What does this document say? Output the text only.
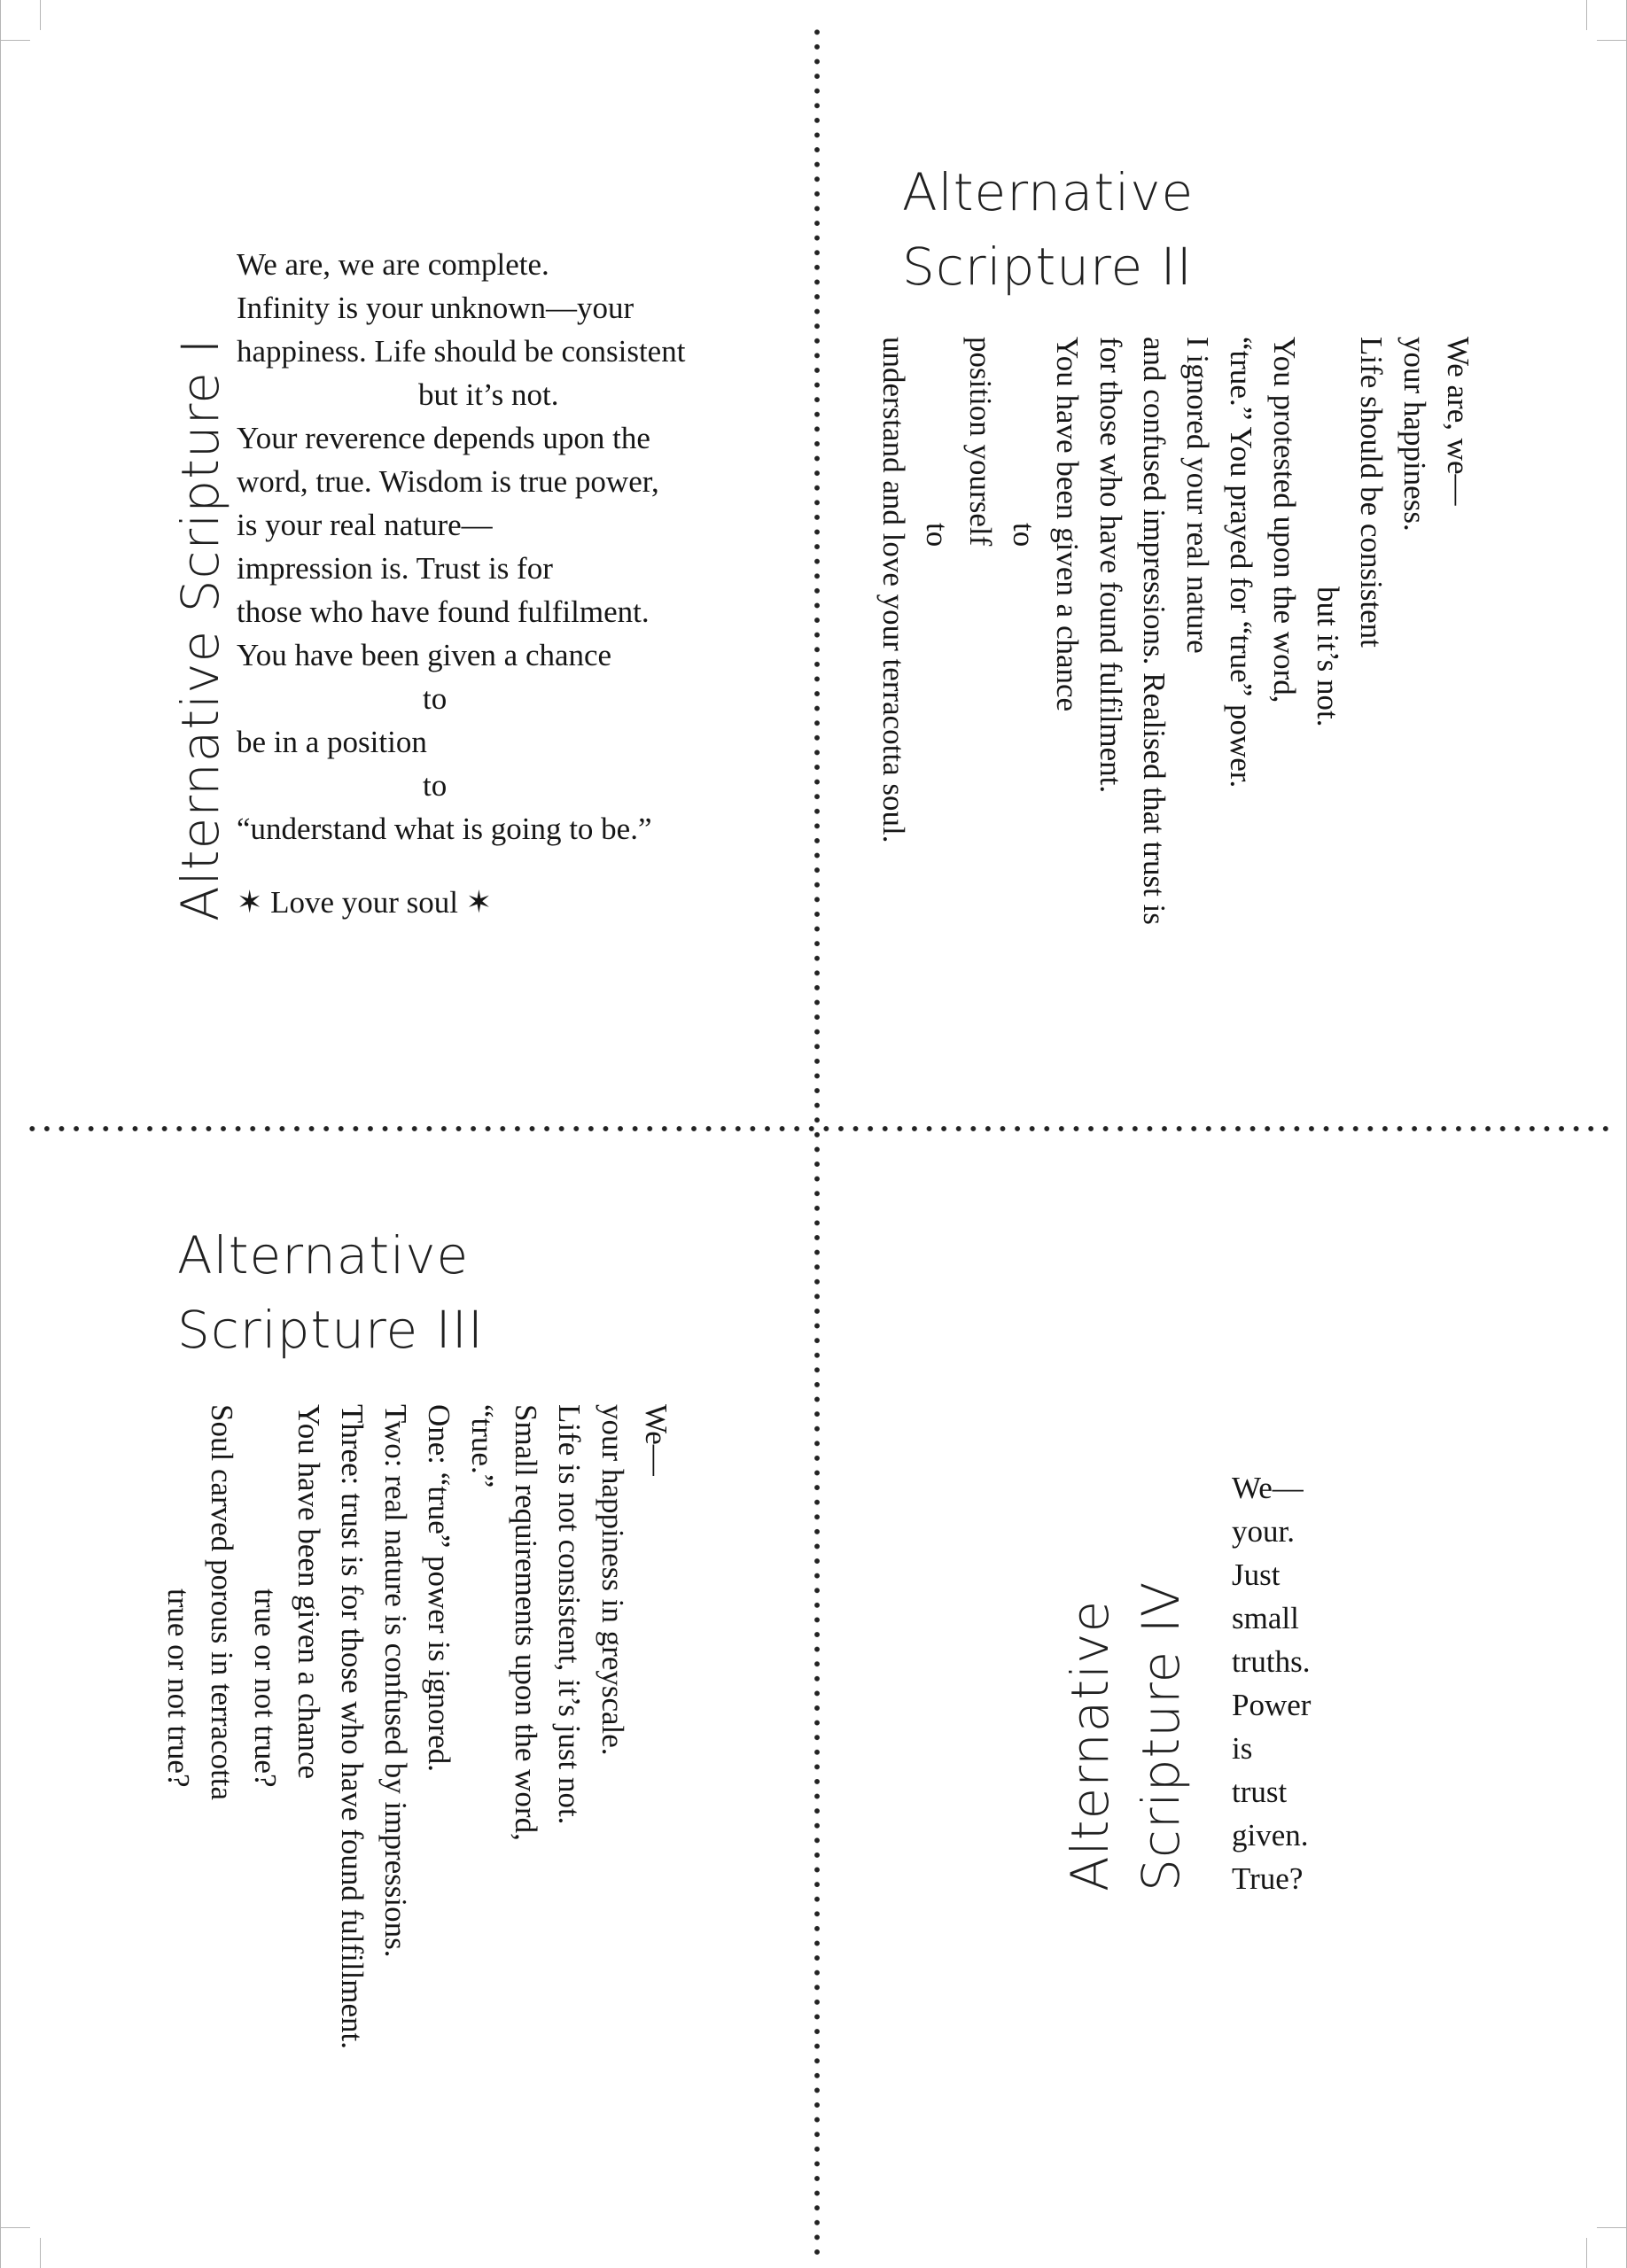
Alternative Scripture I
We are, we are complete.
Infinity is your unknown—your
happiness. Life should be consistent
but it’s not.
Your reverence depends upon the
word, true. Wisdom is true power,
is your real nature—
impression is. Trust is for
those who have found fulfilment.
You have been given a chance
to
be in a position
to
“understand what is going to be.”
✶ Love your soul ✶
Alternative
Scripture II
We are, we—
your happiness.
Life should be consistent
but it’s not.
You protested upon the word,
“true.” You prayed for “true” power.
I ignored your real nature
and confused impressions. Realised that trust is
for those who have found fulfilment.
You have been given a chance
to
position yourself
to
understand and love your terracotta soul.
Alternative
Scripture III
We—
your happiness in greyscale.
Life is not consistent, it’s just not.
Small requirements upon the word,
“true.”
One: “true” power is ignored.
Two: real nature is confused by impressions.
Three: trust is for those who have found fulfillment.
You have been given a chance
true or not true?
Soul carved porous in terracotta
true or not true?	Alternative Scripture IV
We—
your.
Just
small
truths.
Power
is
trust
given.
True?
